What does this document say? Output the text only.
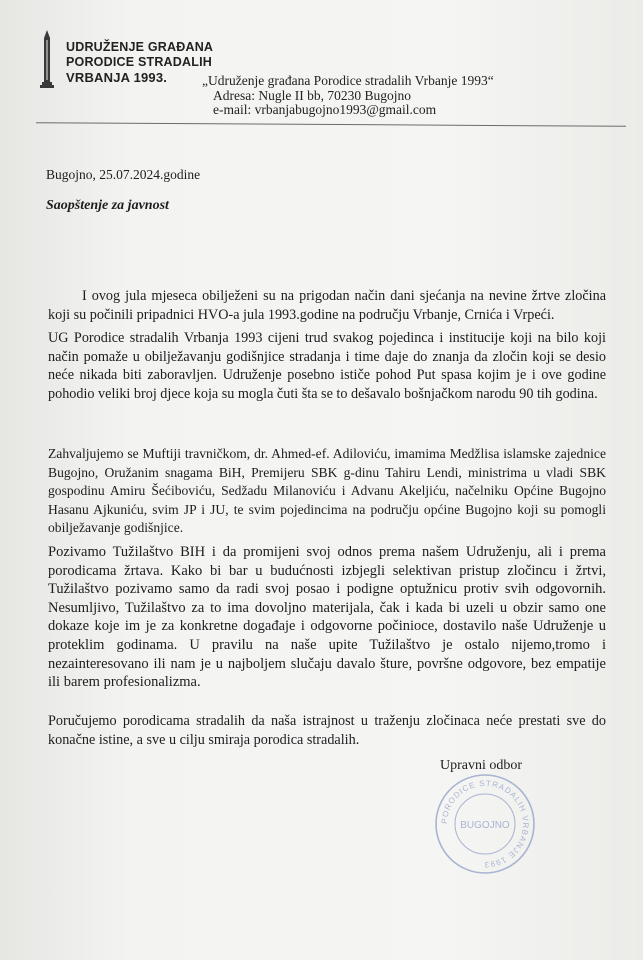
UDRUŽENJE GRAĐANA
PORODICE STRADALIH
VRBANJA 1993.	„Udruženje građana Porodice stradalih Vrbanje 1993“
Adresa: Nugle II bb, 70230 Bugojno
e-mail: vrbanjabugojno1993@gmail.com
Bugojno, 25.07.2024.godine
Saopštenje za javnost

I ovog jula mjeseca obilježeni su na prigodan način dani sjećanja na nevine žrtve zločina koji su počinili pripadnici HVO-a jula 1993.godine na području Vrbanje, Crnića i Vrpeći.

UG Porodice stradalih Vrbanja 1993 cijeni trud svakog pojedinca i institucije koji na bilo koji način pomaže u obilježavanju godišnjice stradanja i time daje do znanja da zločin koji se desio neće nikada biti zaboravljen. Udruženje posebno ističe pohod Put spasa kojim je i ove godine pohodio veliki broj djece koja su mogla čuti šta se to dešavalo bošnjačkom narodu 90 tih godina.

Zahvaljujemo se Muftiji travničkom, dr. Ahmed-ef. Adiloviću, imamima Medžlisa islamske zajednice Bugojno, Oružanim snagama BiH, Premijeru SBK g-dinu Tahiru Lendi, ministrima u vladi SBK gospodinu Amiru Šećiboviću, Sedžadu Milanoviću i Advanu Akeljiću, načelniku Općine Bugojno Hasanu Ajkuniću, svim JP i JU, te svim pojedincima na području općine Bugojno koji su pomogli obilježavanje godišnjice.

Pozivamo Tužilaštvo BIH i da promijeni svoj odnos prema našem Udruženju, ali i prema porodicama žrtava. Kako bi bar u budućnosti izbjegli selektivan pristup zločincu i žrtvi, Tužilaštvo pozivamo samo da radi svoj posao i podigne optužnicu protiv svih odgovornih. Nesumljivo, Tužilaštvo za to ima dovoljno materijala, čak i kada bi uzeli u obzir samo one dokaze koje im je za konkretne događaje i odgovorne počinioce, dostavilo naše Udruženje u proteklim godinama. U pravilu na naše upite Tužilaštvo je ostalo nijemo,tromo i nezainteresovano ili nam je u najboljem slučaju davalo šture, površne odgovore, bez empatije ili barem profesionalizma.

Poručujemo porodicama stradalih da naša istrajnost u traženju zločinaca neće prestati sve do konačne istine, a sve u cilju smiraja porodica stradalih.

Upravni odbor
PORODICE STRADALIH VRBANJE 1993
BUGOJNO
